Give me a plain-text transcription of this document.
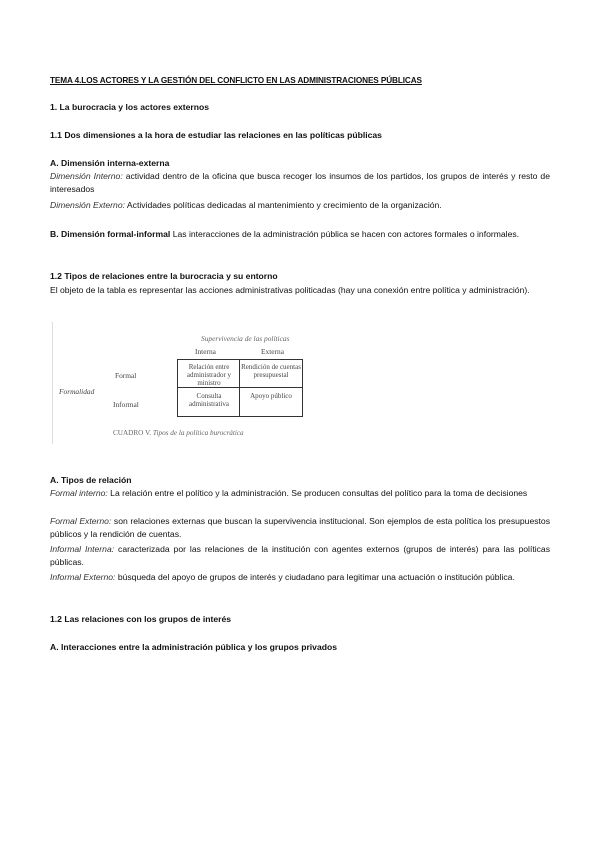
TEMA 4.LOS ACTORES Y LA GESTIÓN DEL CONFLICTO EN LAS ADMINISTRACIONES PÚBLICAS
1. La burocracia y los actores externos
1.1 Dos dimensiones a la hora de estudiar las relaciones en las políticas públicas
A. Dimensión interna-externa
Dimensión Interno: actividad dentro de la oficina que busca recoger los insumos de los partidos, los grupos de interés y resto de interesados
Dimensión Externo: Actividades políticas dedicadas al mantenimiento y crecimiento de la organización.
B. Dimensión formal-informal Las interacciones de la administración pública se hacen con actores formales o informales.
1.2 Tipos de relaciones entre la burocracia y su entorno
El objeto de la tabla es representar las acciones administrativas politicadas (hay una conexión entre política y administración).
Supervivencia de las políticas
Interna	Externa
Formal
Informal
Formalidad
Relación entre administrador y ministro
Rendición de cuentas presupuestal
Consulta administrativa
Apoyo público
CUADRO V. Tipos de la política burocrática
A. Tipos de relación
Formal interno: La relación entre el político y la administración. Se producen consultas del político para la toma de decisiones
Formal Externo: son relaciones externas que buscan la supervivencia institucional. Son ejemplos de esta política los presupuestos públicos y la rendición de cuentas.
Informal Interna: caracterizada por las relaciones de la institución con agentes externos (grupos de interés) para las políticas públicas.
Informal Externo: búsqueda del apoyo de grupos de interés y ciudadano para legitimar una actuación o institución pública.
1.2 Las relaciones con los grupos de interés
A. Interacciones entre la administración pública y los grupos privados
